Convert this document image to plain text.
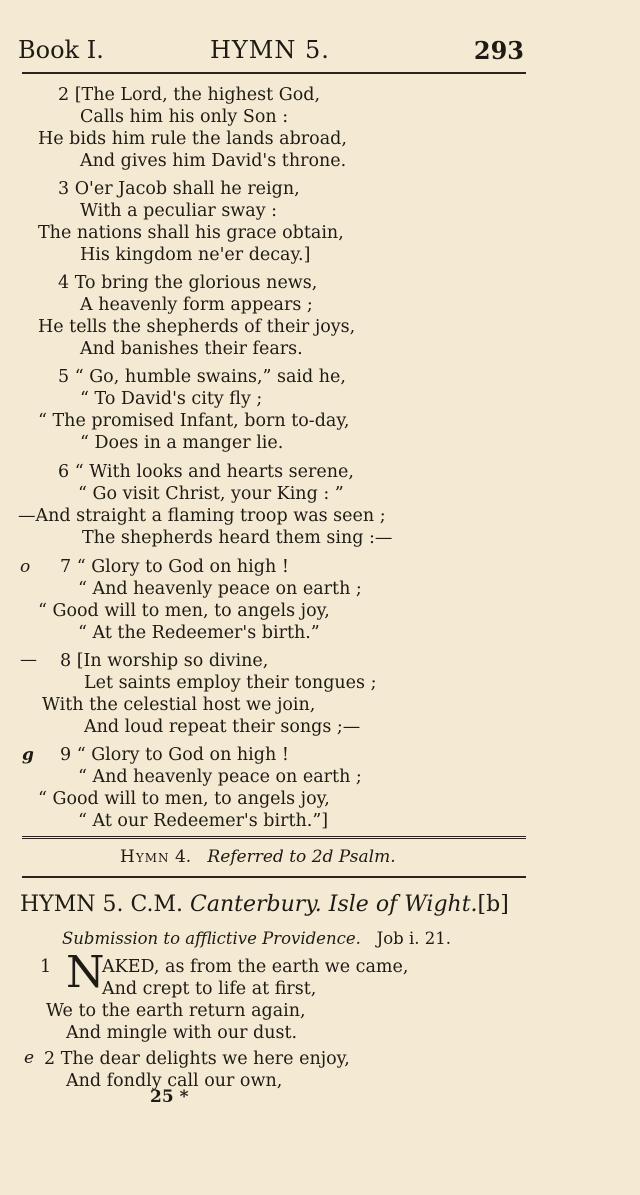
Book I.	HYMN 5.	293
2 [The Lord, the highest God,
Calls him his only Son :
He bids him rule the lands abroad,
And gives him David's throne.
3 O'er Jacob shall he reign,
With a peculiar sway :
The nations shall his grace obtain,
His kingdom ne'er decay.]
4 To bring the glorious news,
A heavenly form appears ;
He tells the shepherds of their joys,
And banishes their fears.
5 “ Go, humble swains,” said he,
“ To David's city fly ;
“ The promised Infant, born to-day,
“ Does in a manger lie.
6 “ With looks and hearts serene,
“ Go visit Christ, your King : ”
—And straight a flaming troop was seen ;
The shepherds heard them sing :—
o 7 “ Glory to God on high !
“ And heavenly peace on earth ;
“ Good will to men, to angels joy,
“ At the Redeemer's birth.”
— 8 [In worship so divine,
Let saints employ their tongues ;
With the celestial host we join,
And loud repeat their songs ;—
g 9 “ Glory to God on high !
“ And heavenly peace on earth ;
“ Good will to men, to angels joy,
“ At our Redeemer's birth.”]
Hymn 4. Referred to 2d Psalm.
HYMN 5. C.M. Canterbury. Isle of Wight.[b]
Submission to afflictive Providence. Job i. 21.
1 N
AKED, as from the earth we came,
And crept to life at first,
We to the earth return again,
And mingle with our dust.
e 2 The dear delights we here enjoy,
And fondly call our own,
25 *
